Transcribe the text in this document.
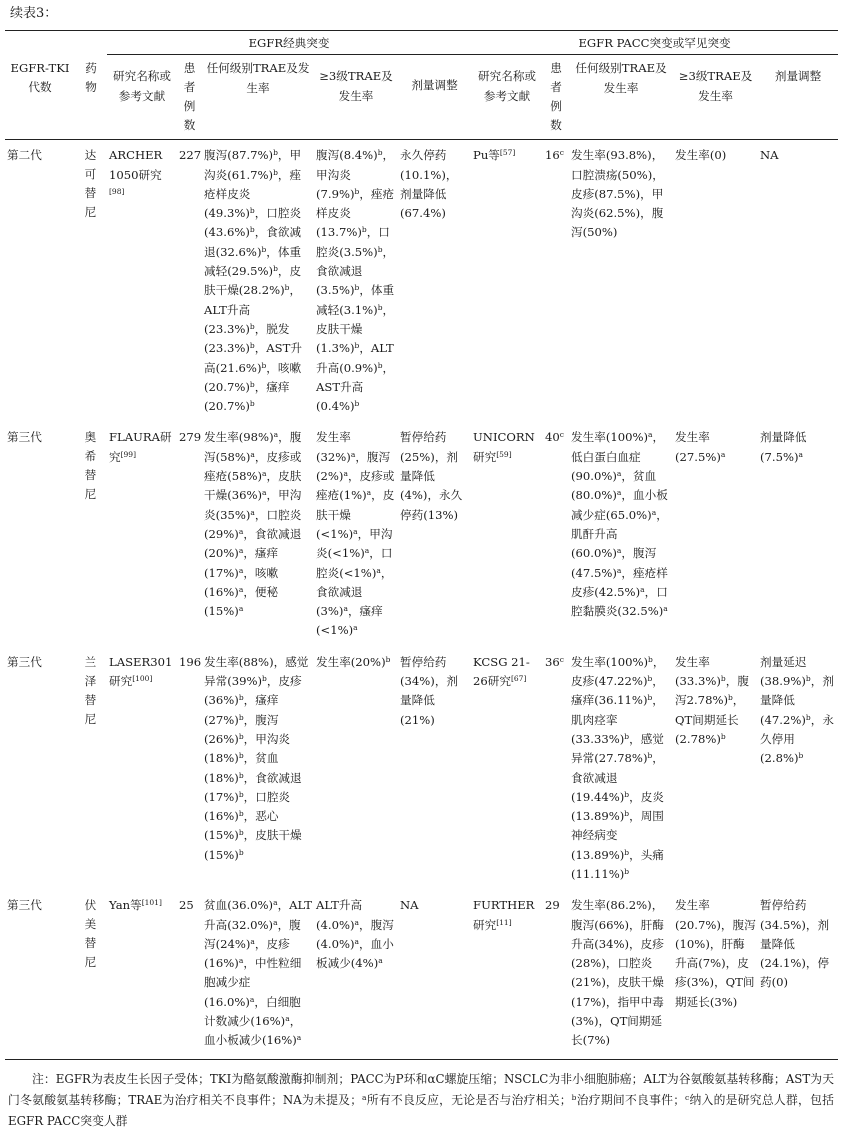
续表3：
EGFR-TKI 代数	药物	EGFR经典突变					EGFR PACC突变或罕见突变				

		研究名称或参考文献	患者例数	任何级别TRAE及发生率	≥3级TRAE及发生率	剂量调整	研究名称或参考文献	患者例数	任何级别TRAE及发生率	≥3级TRAE及发生率	剂量调整

第二代	达可替尼	ARCHER 1050研究[98]	227	腹泻$(87.7\%)^b$，甲沟炎$(61.7\%)^b$，痤疮样皮炎$(49.3\%)^b$，口腔炎$(43.6\%)^b$，食欲减退$(32.6\%)^b$，体重减轻$(29.5\%)^b$，皮肤干燥$(28.2\%)^b$，ALT升高$(23.3\%)^b$，脱发$(23.3\%)^b$，AST升高$(21.6\%)^b$，咳嗽$(20.7\%)^b$，瘙痒$(20.7\%)^b$	腹泻$(8.4\%)^b$，甲沟炎$(7.9\%)^b$，痤疮样皮炎$(13.7\%)^b$，口腔炎$(3.5\%)^b$，食欲减退$(3.5\%)^b$，体重减轻$(3.1\%)^b$，皮肤干燥$(1.3\%)^b$，ALT升高$(0.9\%)^b$，AST升高$(0.4\%)^b$	永久停药(10.1%)，剂量降低(67.4%)	Pu等[57]	16$^c$	发生率(93.8%)，口腔溃疡(50%)，皮疹(87.5%)，甲沟炎(62.5%)，腹泻(50%)	发生率(0)	NA
第三代	奥希替尼	FLAURA研究[99]	279	发生率$(98\%)^a$，腹泻$(58\%)^a$，皮疹或痤疮$(58\%)^a$，皮肤干燥$(36\%)^a$，甲沟炎$(35\%)^a$，口腔炎$(29\%)^a$，食欲减退$(20\%)^a$，瘙痒$(17\%)^a$，咳嗽$(16\%)^a$，便秘$(15\%)^a$	发生率$(32\%)^a$，腹泻$(2\%)^a$，皮疹或痤疮$(1\%)^a$，皮肤干燥(<1%)$^a$，甲沟炎(<1%)$^a$，口腔炎(<1%)$^a$，食欲减退$(3\%)^a$，瘙痒(<1%)$^a$	暂停给药(25%)，剂量降低(4%)，永久停药(13%)	UNICORN研究[59]	40$^c$	发生率$(100\%)^a$，低白蛋白血症$(90.0\%)^a$，贫血$(80.0\%)^a$，血小板减少症$(65.0\%)^a$，肌酐升高$(60.0\%)^a$，腹泻$(47.5\%)^a$，痤疮样皮疹$(42.5\%)^a$，口腔黏膜炎$(32.5\%)^a$	发生率$(27.5\%)^a$	剂量降低$(7.5\%)^a$
第三代	兰泽替尼	LASER301研究[100]	196	发生率(88%)，感觉异常$(39\%)^b$，皮疹$(36\%)^b$，瘙痒$(27\%)^b$，腹泻$(26\%)^b$，甲沟炎$(18\%)^b$，贫血$(18\%)^b$，食欲减退$(17\%)^b$，口腔炎$(16\%)^b$，恶心$(15\%)^b$，皮肤干燥$(15\%)^b$	发生率$(20\%)^b$	暂停给药(34%)，剂量降低(21%)	KCSG 21-26研究[67]	36$^c$	发生率$(100\%)^b$，皮疹$(47.22\%)^b$，瘙痒$(36.11\%)^b$，肌肉痉挛$(33.33\%)^b$，感觉异常$(27.78\%)^b$，食欲减退$(19.44\%)^b$，皮炎$(13.89\%)^b$，周围神经病变$(13.89\%)^b$，头痛$(11.11\%)^b$	发生率$(33.3\%)^b$，腹泻2.78%)$^b$，QT间期延长$(2.78\%)^b$	剂量延迟$(38.9\%)^b$，剂量降低$(47.2\%)^b$，永久停用$(2.8\%)^b$
第三代	伏美替尼	Yan等[101]	25	贫血$(36.0\%)^a$，ALT升高$(32.0\%)^a$，腹泻$(24\%)^a$，皮疹$(16\%)^a$，中性粒细胞减少症$(16.0\%)^a$，白细胞计数减少$(16\%)^a$，血小板减少$(16\%)^a$	ALT升高$(4.0\%)^a$，腹泻$(4.0\%)^a$，血小板减少$(4\%)^a$	NA	FURTHER研究[11]	29	发生率(86.2%)，腹泻(66%)，肝酶升高(34%)，皮疹(28%)，口腔炎(21%)，皮肤干燥(17%)，指甲中毒(3%)，QT间期延长(7%)	发生率(20.7%)，腹泻(10%)，肝酶升高(7%)，皮疹(3%)，QT间期延长(3%)	暂停给药(34.5%)，剂量降低(24.1%)，停药(0)
注：EGFR为表皮生长因子受体；TKI为酪氨酸激酶抑制剂；PACC为P环和αC螺旋压缩；NSCLC为非小细胞肺癌；ALT为谷氨酸氨基转移酶；AST为天门冬氨酸氨基转移酶；TRAE为治疗相关不良事件；NA为未提及；$^a$所有不良反应，无论是否与治疗相关；$^b$治疗期间不良事件；$^c$纳入的是研究总人群，包括EGFR PACC突变人群
